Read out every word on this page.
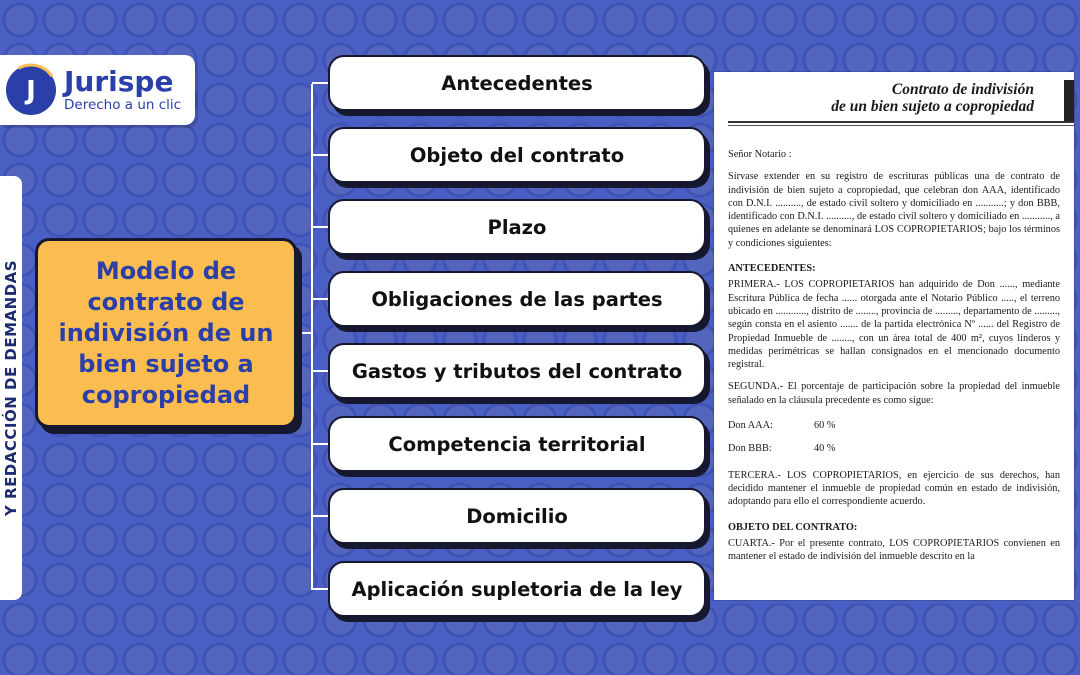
J Jurispe
Derecho a un clic
Y REDACCIÓN DE DEMANDAS	Modelo de contrato de indivisión de un bien sujeto a copropiedad
Antecedentes
Objeto del contrato
Plazo
Obligaciones de las partes
Gastos y tributos del contrato
Competencia territorial
Domicilio
Aplicación supletoria de la ley
Contrato de indivisión
de un bien sujeto a copropiedad

Señor Notario :

Sírvase extender en su registro de escrituras públicas una de contrato de indivisión de bien sujeto a copropiedad, que celebran don AAA, identificado con D.N.I. .........., de estado civil soltero y domiciliado en ...........; y don BBB, identificado con D.N.I. .........., de estado civil soltero y domiciliado en ..........., a quienes en adelante se denominará LOS COPROPIETARIOS; bajo los términos y condiciones siguientes:

ANTECEDENTES:

PRIMERA.- LOS COPROPIETARIOS han adquirido de Don ......, mediante Escritura Pública de fecha ...... otorgada ante el Notario Público ....., el terreno ubicado en ............, distrito de ........, provincia de ........., departamento de ........., según consta en el asiento ....... de la partida electrónica Nº ...... del Registro de Propiedad Inmueble de ........, con un área total de 400 m², cuyos linderos y medidas perimétricas se hallan consignados en el mencionado documento registral.

SEGUNDA.- El porcentaje de participación sobre la propiedad del inmueble señalado en la cláusula precedente es como sigue:

Don AAA:	60 %
Don BBB:	40 %

TERCERA.- LOS COPROPIETARIOS, en ejercicio de sus derechos, han decidido mantener el inmueble de propiedad común en estado de indivisión, adoptando para ello el correspondiente acuerdo.

OBJETO DEL CONTRATO:

CUARTA.- Por el presente contrato, LOS COPROPIETARIOS convienen en mantener el estado de indivisión del inmueble descrito en la
